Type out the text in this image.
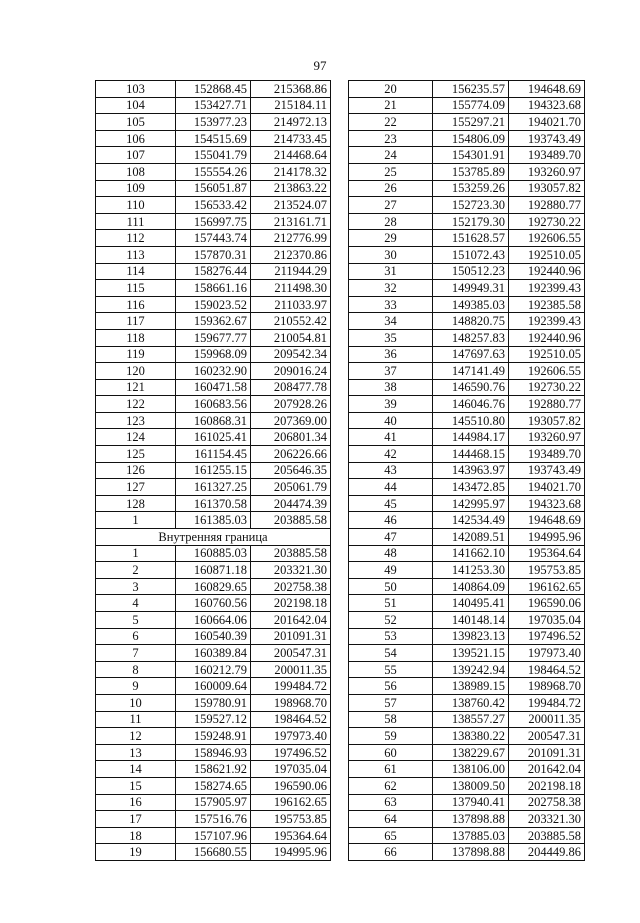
97
103	152868.45	215368.86
104	153427.71	215184.11
105	153977.23	214972.13
106	154515.69	214733.45
107	155041.79	214468.64
108	155554.26	214178.32
109	156051.87	213863.22
110	156533.42	213524.07
111	156997.75	213161.71
112	157443.74	212776.99
113	157870.31	212370.86
114	158276.44	211944.29
115	158661.16	211498.30
116	159023.52	211033.97
117	159362.67	210552.42
118	159677.77	210054.81
119	159968.09	209542.34
120	160232.90	209016.24
121	160471.58	208477.78
122	160683.56	207928.26
123	160868.31	207369.00
124	161025.41	206801.34
125	161154.45	206226.66
126	161255.15	205646.35
127	161327.25	205061.79
128	161370.58	204474.39
1	161385.03	203885.58
Внутренняя граница		
1	160885.03	203885.58
2	160871.18	203321.30
3	160829.65	202758.38
4	160760.56	202198.18
5	160664.06	201642.04
6	160540.39	201091.31
7	160389.84	200547.31
8	160212.79	200011.35
9	160009.64	199484.72
10	159780.91	198968.70
11	159527.12	198464.52
12	159248.91	197973.40
13	158946.93	197496.52
14	158621.92	197035.04
15	158274.65	196590.06
16	157905.97	196162.65
17	157516.76	195753.85
18	157107.96	195364.64
19	156680.55	194995.96
20	156235.57	194648.69
21	155774.09	194323.68
22	155297.21	194021.70
23	154806.09	193743.49
24	154301.91	193489.70
25	153785.89	193260.97
26	153259.26	193057.82
27	152723.30	192880.77
28	152179.30	192730.22
29	151628.57	192606.55
30	151072.43	192510.05
31	150512.23	192440.96
32	149949.31	192399.43
33	149385.03	192385.58
34	148820.75	192399.43
35	148257.83	192440.96
36	147697.63	192510.05
37	147141.49	192606.55
38	146590.76	192730.22
39	146046.76	192880.77
40	145510.80	193057.82
41	144984.17	193260.97
42	144468.15	193489.70
43	143963.97	193743.49
44	143472.85	194021.70
45	142995.97	194323.68
46	142534.49	194648.69
47	142089.51	194995.96
48	141662.10	195364.64
49	141253.30	195753.85
50	140864.09	196162.65
51	140495.41	196590.06
52	140148.14	197035.04
53	139823.13	197496.52
54	139521.15	197973.40
55	139242.94	198464.52
56	138989.15	198968.70
57	138760.42	199484.72
58	138557.27	200011.35
59	138380.22	200547.31
60	138229.67	201091.31
61	138106.00	201642.04
62	138009.50	202198.18
63	137940.41	202758.38
64	137898.88	203321.30
65	137885.03	203885.58
66	137898.88	204449.86
